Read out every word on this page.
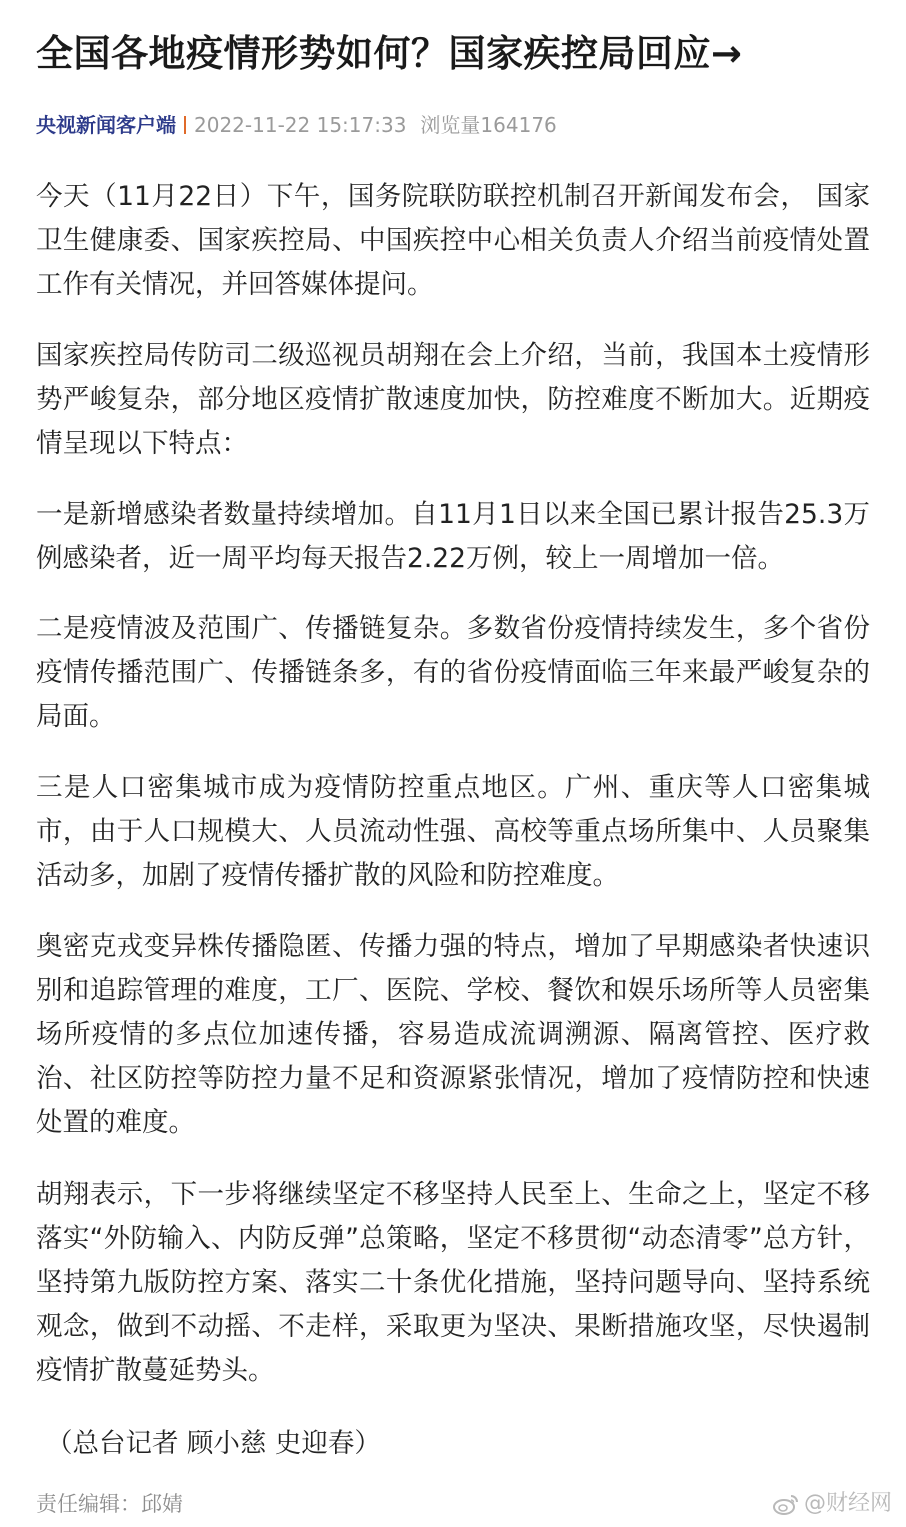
全国各地疫情形势如何？国家疾控局回应→
央视新闻客户端 2022-11-22 15:17:33 浏览量164176

今天（11月22日）下午，国务院联防联控机制召开新闻发布会， 国家卫生健康委、国家疾控局、中国疾控中心相关负责人介绍当前疫情处置工作有关情况，并回答媒体提问。

国家疾控局传防司二级巡视员胡翔在会上介绍，当前，我国本土疫情形势严峻复杂，部分地区疫情扩散速度加快，防控难度不断加大。近期疫情呈现以下特点：

一是新增感染者数量持续增加。自11月1日以来全国已累计报告25.3万例感染者，近一周平均每天报告2.22万例，较上一周增加一倍。

二是疫情波及范围广、传播链复杂。多数省份疫情持续发生，多个省份疫情传播范围广、传播链条多，有的省份疫情面临三年来最严峻复杂的局面。

三是人口密集城市成为疫情防控重点地区。广州、重庆等人口密集城市，由于人口规模大、人员流动性强、高校等重点场所集中、人员聚集活动多，加剧了疫情传播扩散的风险和防控难度。

奥密克戎变异株传播隐匿、传播力强的特点，增加了早期感染者快速识别和追踪管理的难度，工厂、医院、学校、餐饮和娱乐场所等人员密集场所疫情的多点位加速传播，容易造成流调溯源、隔离管控、医疗救治、社区防控等防控力量不足和资源紧张情况，增加了疫情防控和快速处置的难度。

胡翔表示，下一步将继续坚定不移坚持人民至上、生命之上，坚定不移落实“外防输入、内防反弹”总策略，坚定不移贯彻“动态清零”总方针，坚持第九版防控方案、落实二十条优化措施，坚持问题导向、坚持系统观念，做到不动摇、不走样，采取更为坚决、果断措施攻坚，尽快遏制疫情扩散蔓延势头。

（总台记者 顾小慈 史迎春）
责任编辑：邱婧	@财经网
